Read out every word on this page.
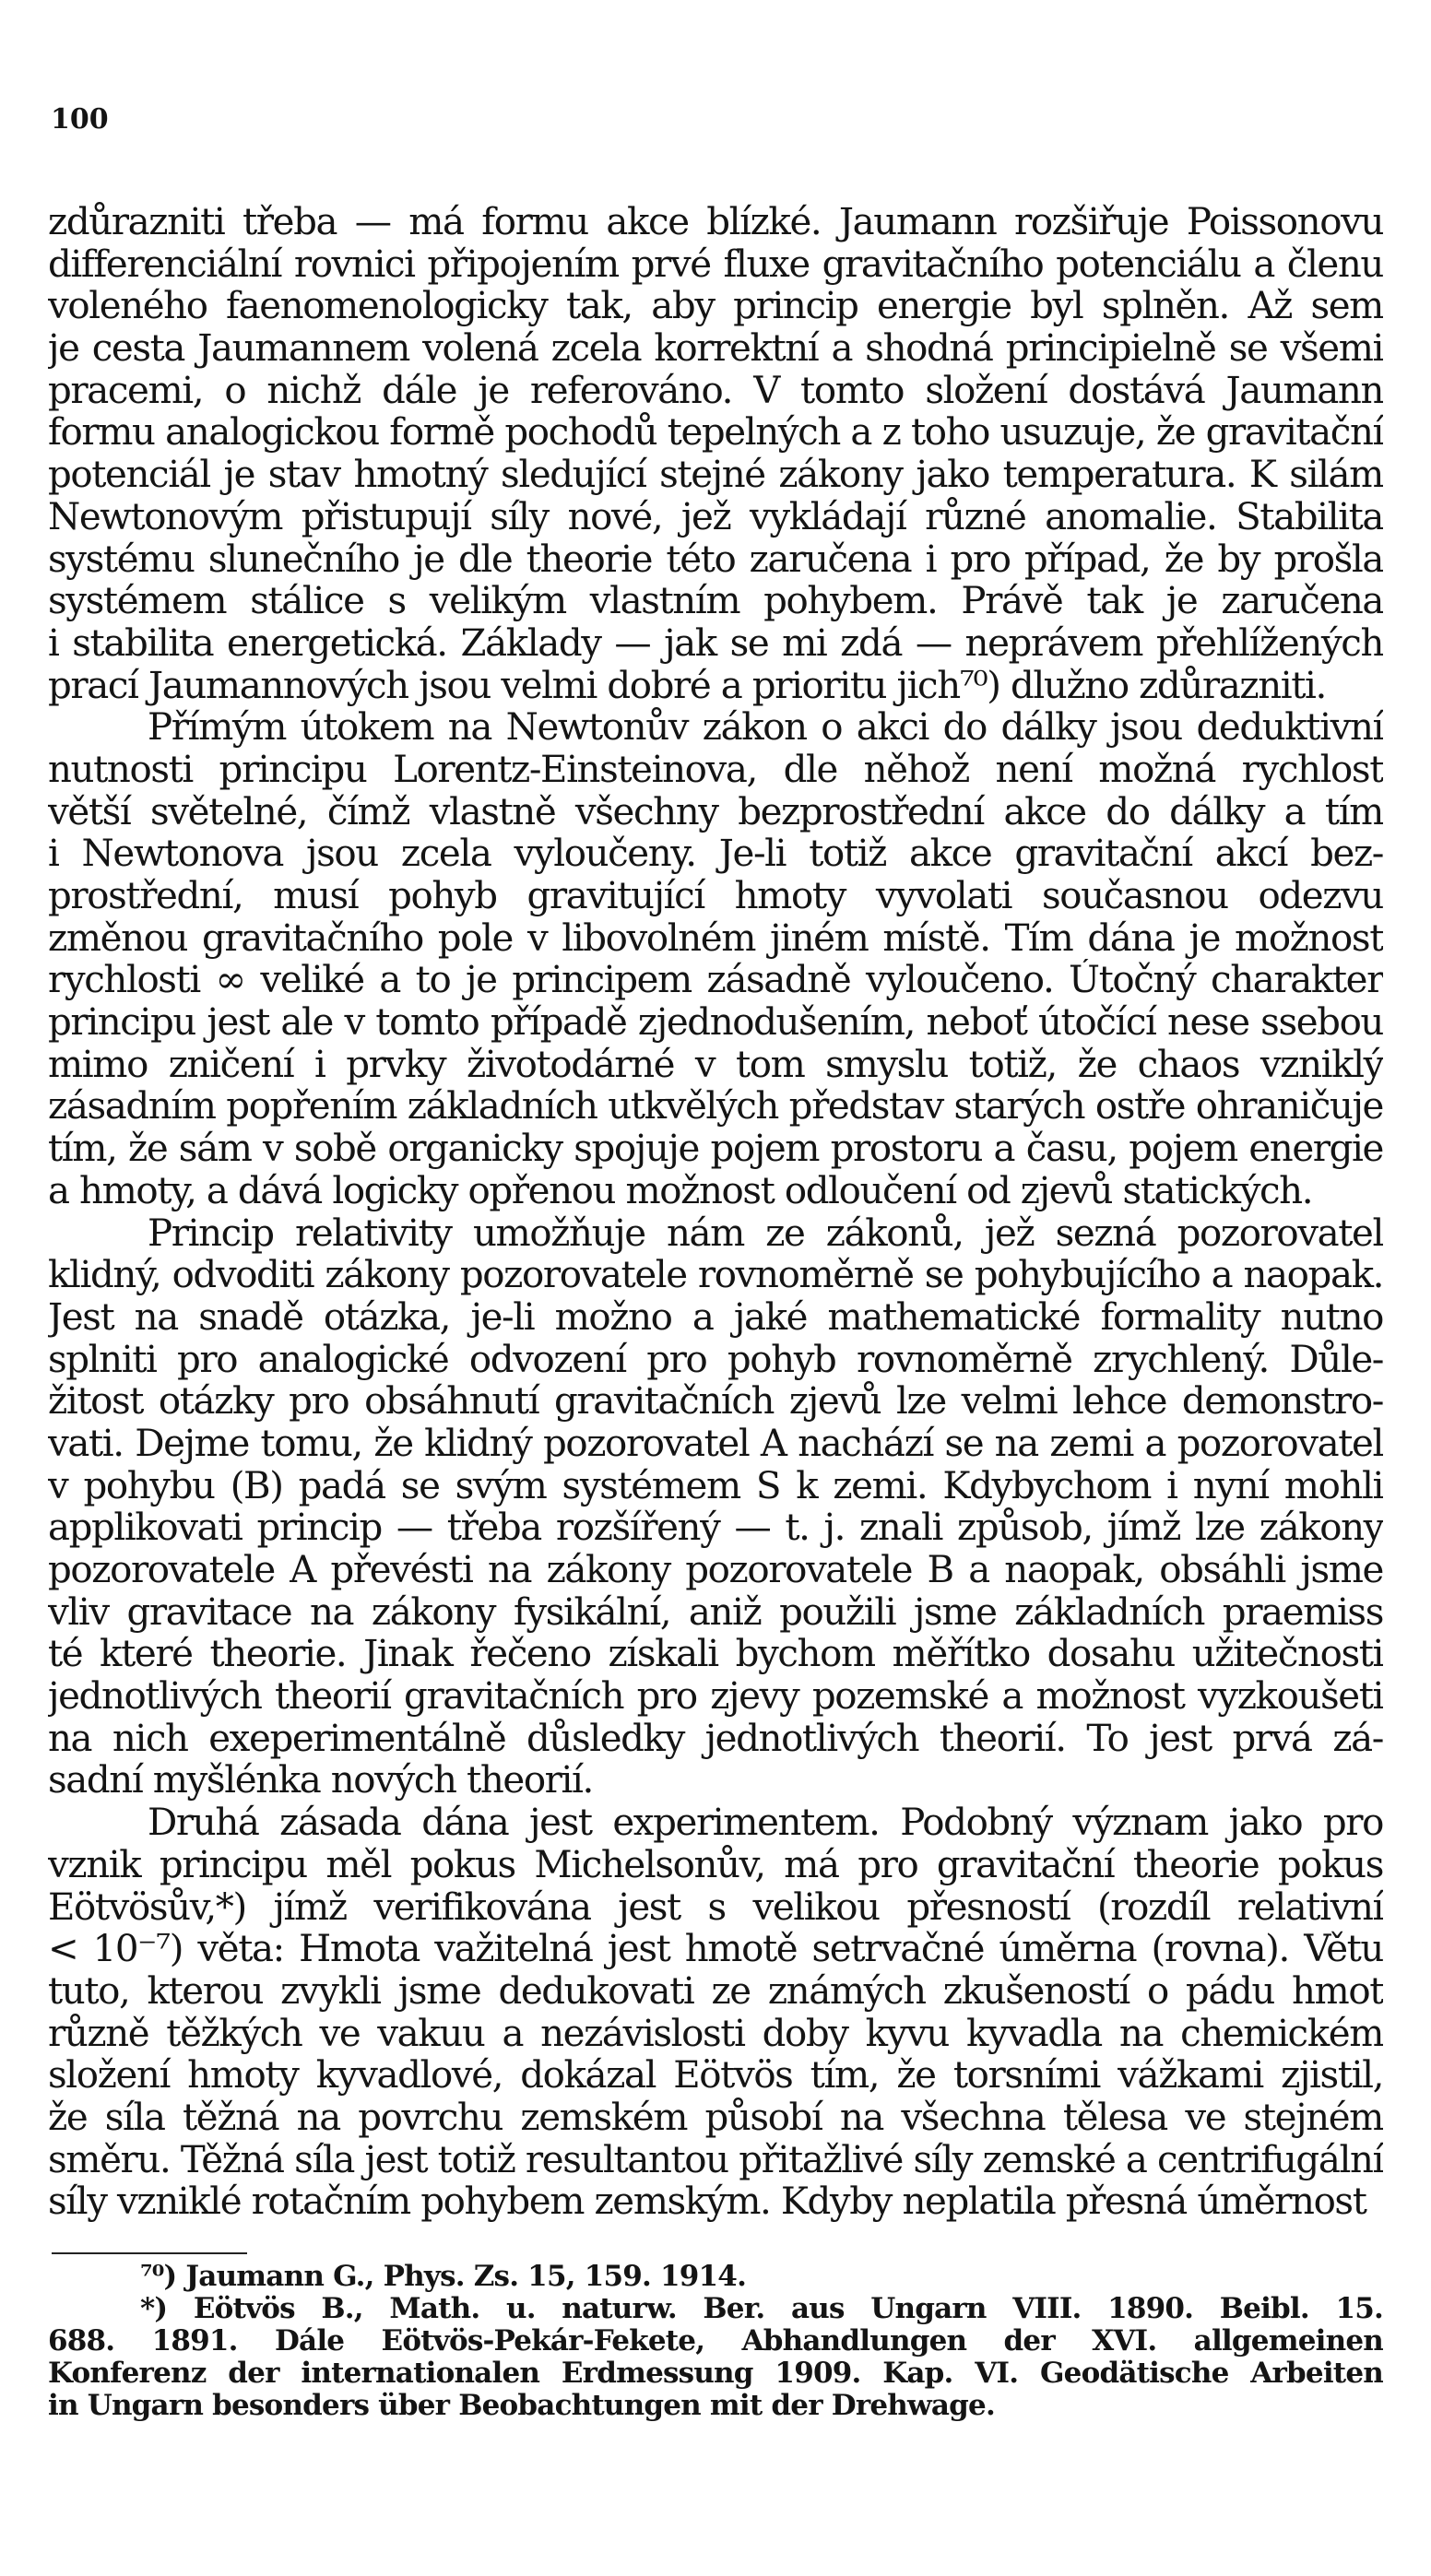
100
zdůrazniti třeba — má formu akce blízké. Jaumann rozšiřuje Poissonovu
differenciální rovnici připojením prvé fluxe gravitačního potenciálu a členu
voleného faenomenologicky tak, aby princip energie byl splněn. Až sem
je cesta Jaumannem volená zcela korrektní a shodná principielně se všemi
pracemi, o nichž dále je referováno. V tomto složení dostává Jaumann
formu analogickou formě pochodů tepelných a z toho usuzuje, že gravitační
potenciál je stav hmotný sledující stejné zákony jako temperatura. K silám
Newtonovým přistupují síly nové, jež vykládají různé anomalie. Stabilita
systému slunečního je dle theorie této zaručena i pro případ, že by prošla
systémem stálice s velikým vlastním pohybem. Právě tak je zaručena
i stabilita energetická. Základy — jak se mi zdá — neprávem přehlížených
prací Jaumannových jsou velmi dobré a prioritu jich⁷⁰) dlužno zdůrazniti.
Přímým útokem na Newtonův zákon o akci do dálky jsou deduktivní
nutnosti principu Lorentz-Einsteinova, dle něhož není možná rychlost
větší světelné, čímž vlastně všechny bezprostřední akce do dálky a tím
i Newtonova jsou zcela vyloučeny. Je-li totiž akce gravitační akcí bez-
prostřední, musí pohyb gravitující hmoty vyvolati současnou odezvu
změnou gravitačního pole v libovolném jiném místě. Tím dána je možnost
rychlosti ∞ veliké a to je principem zásadně vyloučeno. Útočný charakter
principu jest ale v tomto případě zjednodušením, neboť útočící nese ssebou
mimo zničení i prvky životodárné v tom smyslu totiž, že chaos vzniklý
zásadním popřením základních utkvělých představ starých ostře ohraničuje
tím, že sám v sobě organicky spojuje pojem prostoru a času, pojem energie
a hmoty, a dává logicky opřenou možnost odloučení od zjevů statických.
Princip relativity umožňuje nám ze zákonů, jež sezná pozorovatel
klidný, odvoditi zákony pozorovatele rovnoměrně se pohybujícího a naopak.
Jest na snadě otázka, je-li možno a jaké mathematické formality nutno
splniti pro analogické odvození pro pohyb rovnoměrně zrychlený. Důle-
žitost otázky pro obsáhnutí gravitačních zjevů lze velmi lehce demonstro-
vati. Dejme tomu, že klidný pozorovatel A nachází se na zemi a pozorovatel
v pohybu (B) padá se svým systémem S k zemi. Kdybychom i nyní mohli
applikovati princip — třeba rozšířený — t. j. znali způsob, jímž lze zákony
pozorovatele A převésti na zákony pozorovatele B a naopak, obsáhli jsme
vliv gravitace na zákony fysikální, aniž použili jsme základních praemiss
té které theorie. Jinak řečeno získali bychom měřítko dosahu užitečnosti
jednotlivých theorií gravitačních pro zjevy pozemské a možnost vyzkoušeti
na nich exeperimentálně důsledky jednotlivých theorií. To jest prvá zá-
sadní myšlénka nových theorií.
Druhá zásada dána jest experimentem. Podobný význam jako pro
vznik principu měl pokus Michelsonův, má pro gravitační theorie pokus
Eötvösův,*) jímž verifikována jest s velikou přesností (rozdíl relativní
< 10⁻⁷) věta: Hmota važitelná jest hmotě setrvačné úměrna (rovna). Větu
tuto, kterou zvykli jsme dedukovati ze známých zkušeností o pádu hmot
různě těžkých ve vakuu a nezávislosti doby kyvu kyvadla na chemickém
složení hmoty kyvadlové, dokázal Eötvös tím, že torsními vážkami zjistil,
že síla těžná na povrchu zemském působí na všechna tělesa ve stejném
směru. Těžná síla jest totiž resultantou přitažlivé síly zemské a centrifugální
síly vzniklé rotačním pohybem zemským. Kdyby neplatila přesná úměrnost
⁷⁰) Jaumann G., Phys. Zs. 15, 159. 1914.
*) Eötvös B., Math. u. naturw. Ber. aus Ungarn VIII. 1890. Beibl. 15.
688. 1891. Dále Eötvös-Pekár-Fekete, Abhandlungen der XVI. allgemeinen
Konferenz der internationalen Erdmessung 1909. Kap. VI. Geodätische Arbeiten
in Ungarn besonders über Beobachtungen mit der Drehwage.
